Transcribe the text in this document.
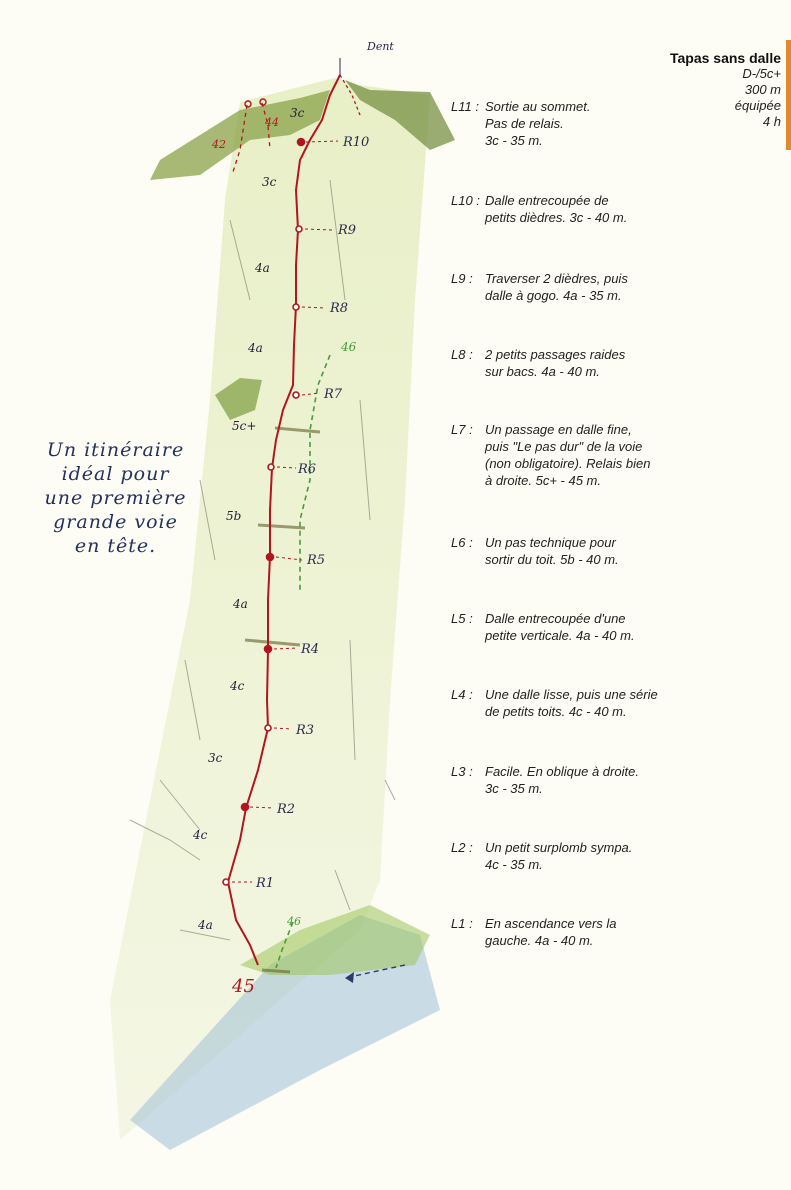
R10
R9
R8
R7
R6
R5
R4
R3
R2
R1
3c
3c
4a
4a
5c+
5b
4a
4c
3c
4c
4a
45
42
44
46
46
Dent
Tapas sans dalle
D-/5c+
300 m
équipée
4 h
Un itinéraire
idéal pour
une première
grande voie
en tête.
L11 : Sortie au sommet.
Pas de relais.
3c - 35 m.
L10 : Dalle entrecoupée de
petits dièdres. 3c - 40 m.
L9 : Traverser 2 dièdres, puis
dalle à gogo. 4a - 35 m.
L8 : 2 petits passages raides
sur bacs. 4a - 40 m.
L7 : Un passage en dalle fine,
puis "Le pas dur" de la voie
(non obligatoire). Relais bien
à droite. 5c+ - 45 m.
L6 : Un pas technique pour
sortir du toit. 5b - 40 m.
L5 : Dalle entrecoupée d'une
petite verticale. 4a - 40 m.
L4 : Une dalle lisse, puis une série
de petits toits. 4c - 40 m.
L3 : Facile. En oblique à droite.
3c - 35 m.
L2 : Un petit surplomb sympa.
4c - 35 m.
L1 : En ascendance vers la
gauche. 4a - 40 m.
